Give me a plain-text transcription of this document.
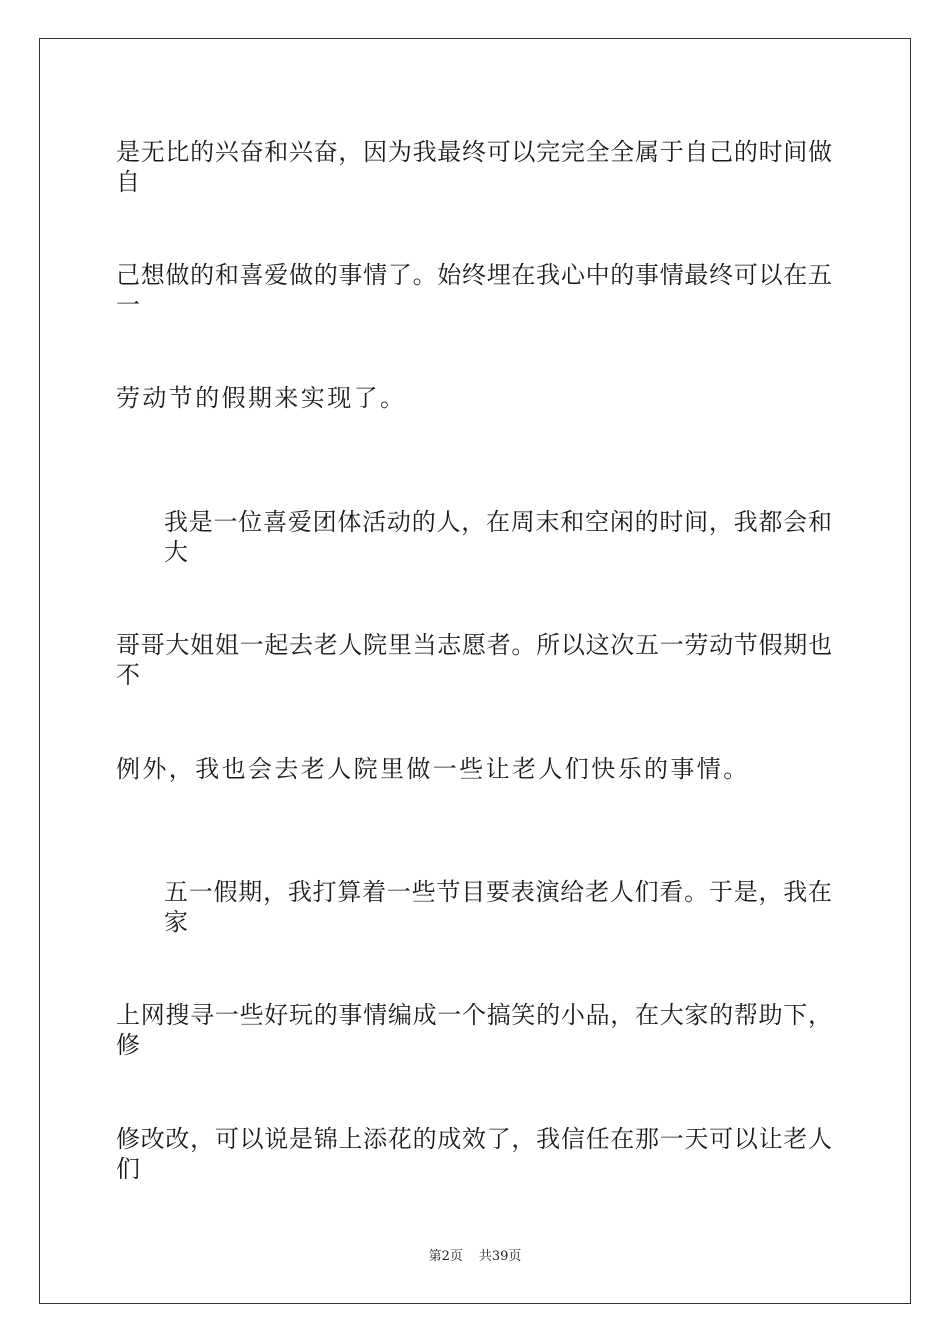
是无比的兴奋和兴奋，因为我最终可以完完全全属于自己的时间做自
己想做的和喜爱做的事情了。始终埋在我心中的事情最终可以在五一
劳动节的假期来实现了。
我是一位喜爱团体活动的人，在周末和空闲的时间，我都会和大
哥哥大姐姐一起去老人院里当志愿者。所以这次五一劳动节假期也不
例外，我也会去老人院里做一些让老人们快乐的事情。
五一假期，我打算着一些节目要表演给老人们看。于是，我在家
上网搜寻一些好玩的事情编成一个搞笑的小品，在大家的帮助下，修
修改改，可以说是锦上添花的成效了，我信任在那一天可以让老人们
第2页 共39页
